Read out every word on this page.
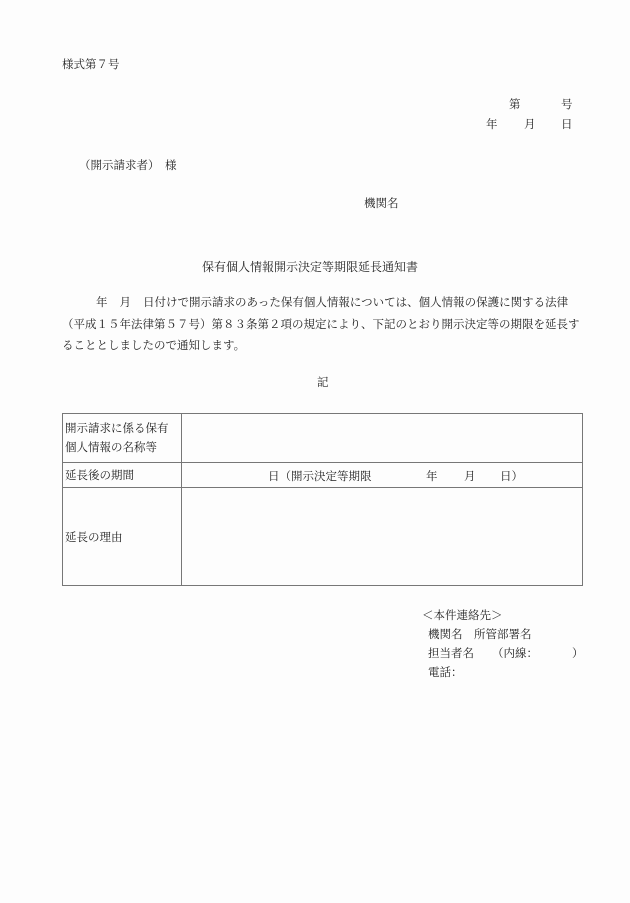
様式第７号
第	号
年 月 日
（開示請求者） 様
機関名
保有個人情報開示決定等期限延長通知書
年 月 日付けで開示請求のあった保有個人情報については、個人情報の保護に関する法律（平成１５年法律第５７号）第８３条第２項の規定により、下記のとおり開示決定等の期限を延長することとしましたので通知します。
記
開示請求に係る保有
個人情報の名称等	

延長後の期間	日（開示決定等期限 年 月 日）

延長の理由	
＜本件連絡先＞
機関名　所管部署名
担当者名 （内線：	）
電話：
